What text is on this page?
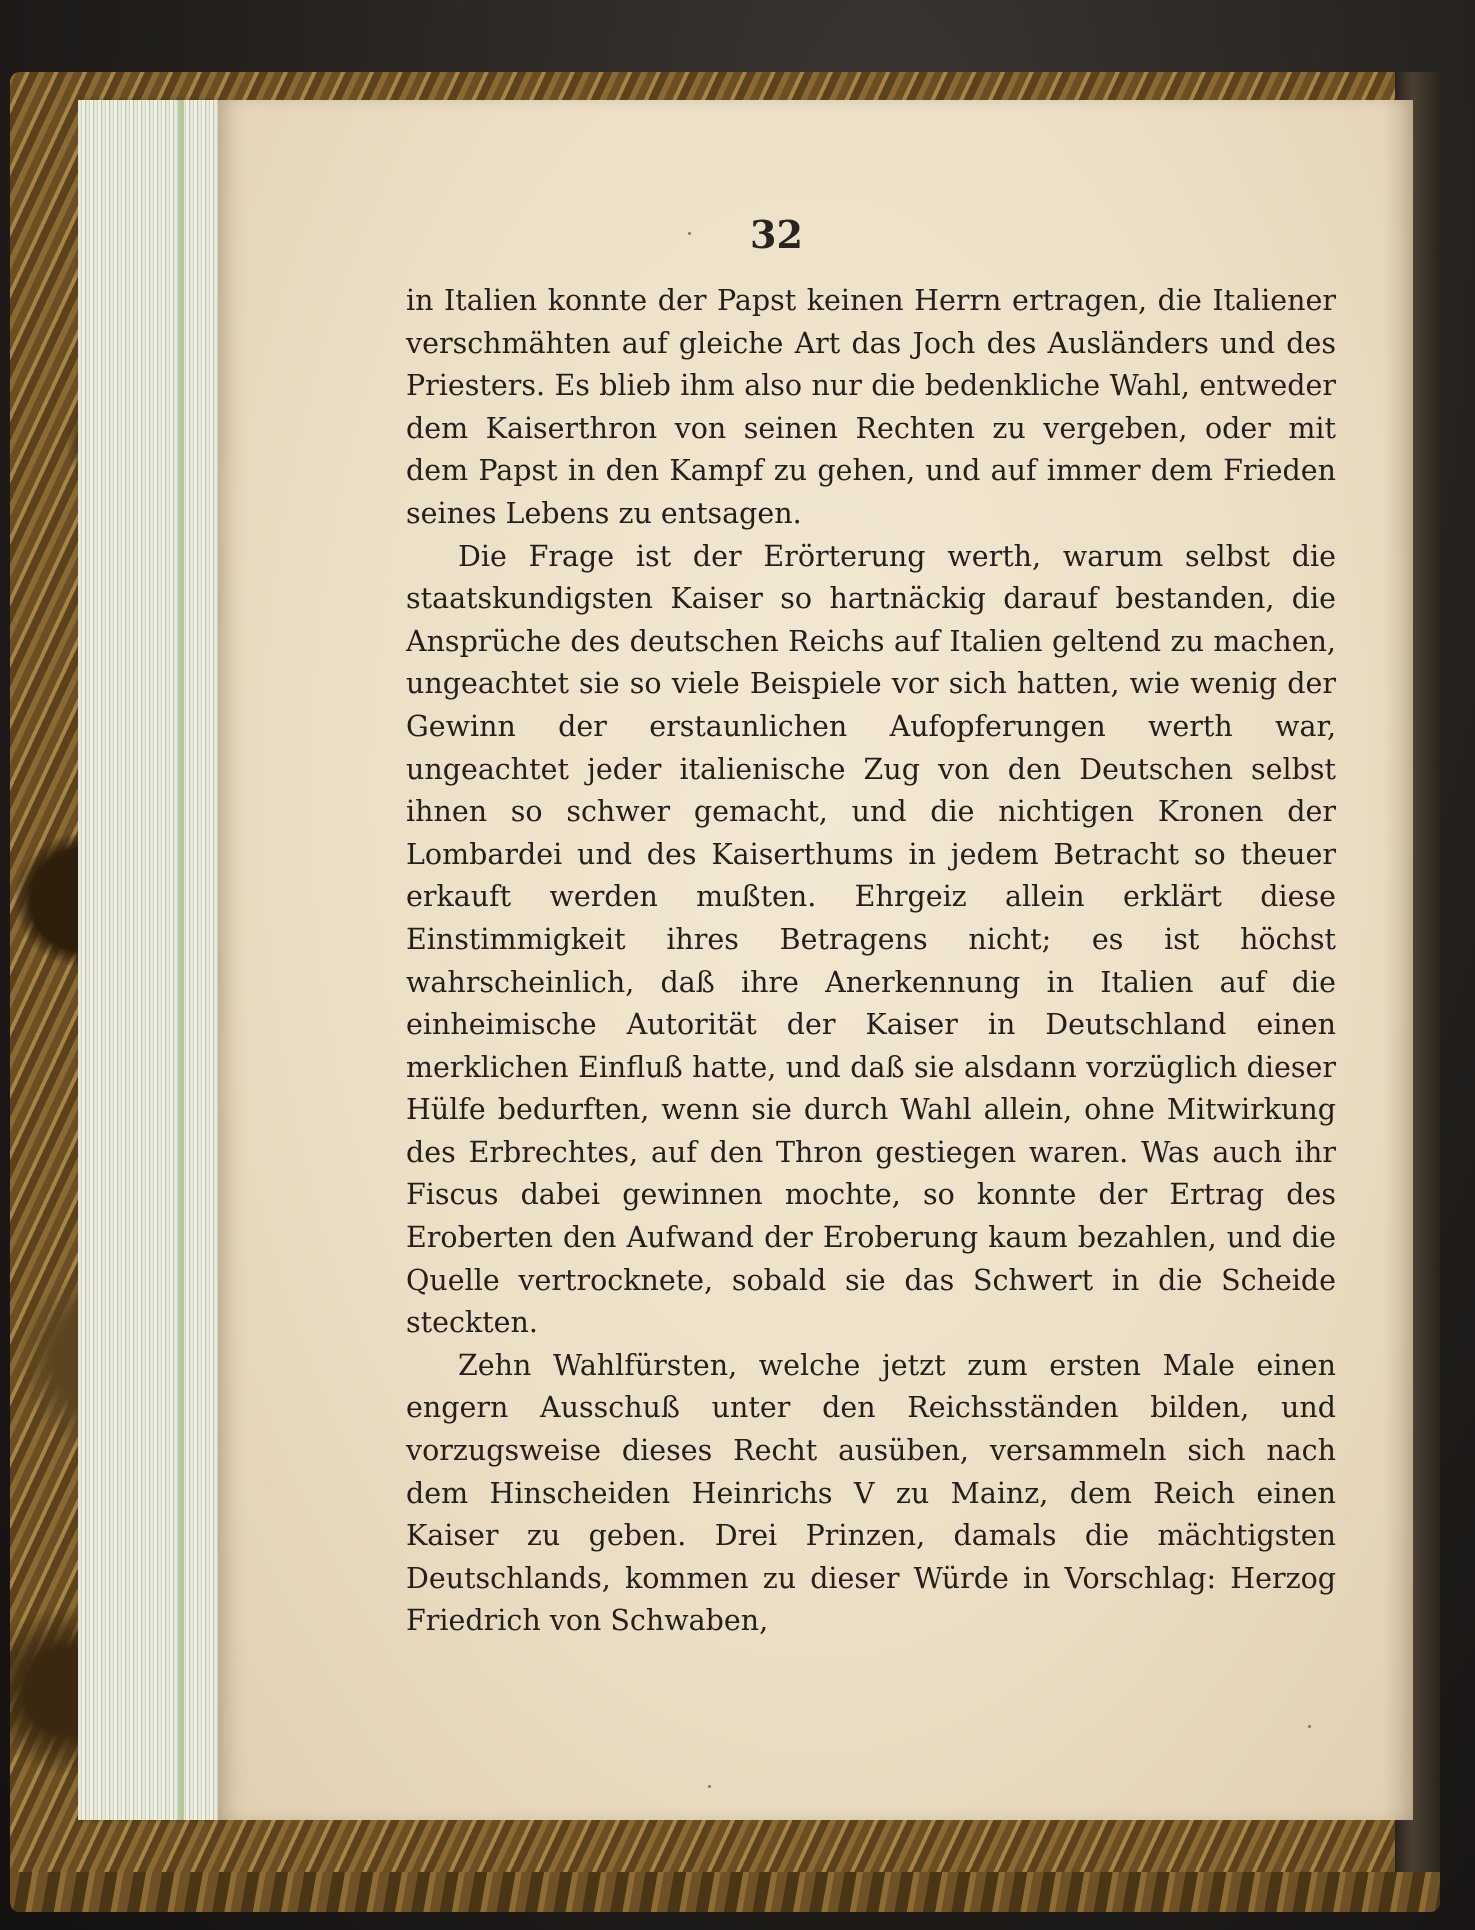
32

in Italien konnte der Papst keinen Herrn ertragen, die Italiener verschmähten auf gleiche Art das Joch des Ausländers und des Priesters. Es blieb ihm also nur die bedenkliche Wahl, entweder dem Kaiserthron von seinen Rechten zu vergeben, oder mit dem Papst in den Kampf zu gehen, und auf immer dem Frieden seines Lebens zu entsagen.

Die Frage ist der Erörterung werth, warum selbst die staatskundigsten Kaiser so hartnäckig darauf bestanden, die Ansprüche des deutschen Reichs auf Italien geltend zu machen, ungeachtet sie so viele Beispiele vor sich hatten, wie wenig der Gewinn der erstaunlichen Aufopferungen werth war, ungeachtet jeder italienische Zug von den Deutschen selbst ihnen so schwer gemacht, und die nichtigen Kronen der Lombardei und des Kaiserthums in jedem Betracht so theuer erkauft werden mußten. Ehrgeiz allein erklärt diese Einstimmigkeit ihres Betragens nicht; es ist höchst wahrscheinlich, daß ihre Anerkennung in Italien auf die einheimische Autorität der Kaiser in Deutschland einen merklichen Einfluß hatte, und daß sie alsdann vorzüglich dieser Hülfe bedurften, wenn sie durch Wahl allein, ohne Mitwirkung des Erbrechtes, auf den Thron gestiegen waren. Was auch ihr Fiscus dabei gewinnen mochte, so konnte der Ertrag des Eroberten den Aufwand der Eroberung kaum bezahlen, und die Quelle vertrocknete, sobald sie das Schwert in die Scheide steckten.

Zehn Wahlfürsten, welche jetzt zum ersten Male einen engern Ausschuß unter den Reichsständen bilden, und vorzugsweise dieses Recht ausüben, versammeln sich nach dem Hinscheiden Heinrichs V zu Mainz, dem Reich einen Kaiser zu geben. Drei Prinzen, damals die mächtigsten Deutschlands, kommen zu dieser Würde in Vorschlag: Herzog Friedrich von Schwaben,
